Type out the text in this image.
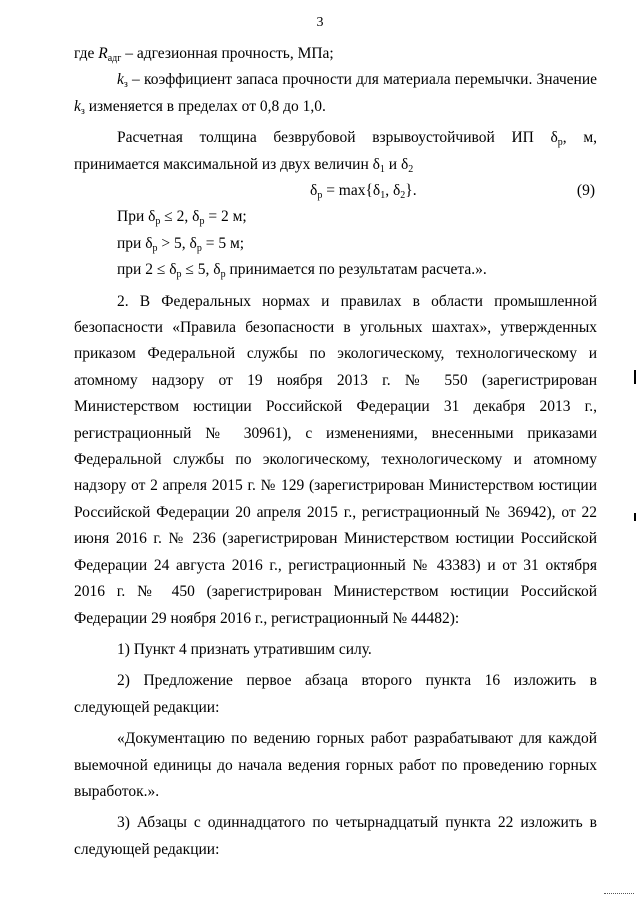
3

где $R_{адг}$ – адгезионная прочность, МПа;

$k_з$ – коэффициент запаса прочности для материала перемычки. Значение $k_з$ изменяется в пределах от 0,8 до 1,0.

Расчетная толщина безврубовой взрывоустойчивой ИП $\delta_р$, м, принимается максимальной из двух величин $\delta_1$ и $\delta_2$

$\delta_р = \max\{\delta_1$, $\delta_2$}.	(9)

При $\delta_р \le 2$, $\delta_р = 2$ м;

при $\delta_р > 5$, $\delta_р = 5$ м;

при $2 \le \delta_р \le 5$, $\delta_р$ принимается по результатам расчета.».

2. В Федеральных нормах и правилах в области промышленной безопасности «Правила безопасности в угольных шахтах», утвержденных приказом Федеральной службы по экологическому, технологическому и атомному надзору от 19 ноября 2013 г. № 550 (зарегистрирован Министерством юстиции Российской Федерации 31 декабря 2013 г., регистрационный № 30961), с изменениями, внесенными приказами Федеральной службы по экологическому, технологическому и атомному надзору от 2 апреля 2015 г. № 129 (зарегистрирован Министерством юстиции Российской Федерации 20 апреля 2015 г., регистрационный № 36942), от 22 июня 2016 г. № 236 (зарегистрирован Министерством юстиции Российской Федерации 24 августа 2016 г., регистрационный № 43383) и от 31 октября 2016 г. № 450 (зарегистрирован Министерством юстиции Российской Федерации 29 ноября 2016 г., регистрационный № 44482):

1) Пункт 4 признать утратившим силу.

2) Предложение первое абзаца второго пункта 16 изложить в следующей редакции:

«Документацию по ведению горных работ разрабатывают для каждой выемочной единицы до начала ведения горных работ по проведению горных выработок.».

3) Абзацы с одиннадцатого по четырнадцатый пункта 22 изложить в следующей редакции:
